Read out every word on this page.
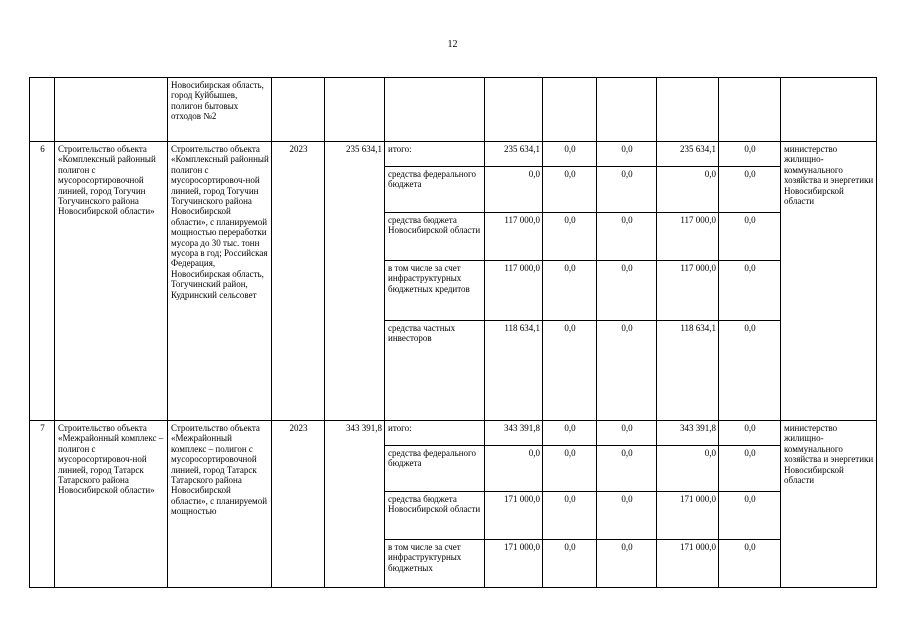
12
		Новосибирская область, город Куйбышев, полигон бытовых отходов №2									
6	Строительство объекта «Комплексный районный полигон с мусоросортировочной линией, город Тогучин Тогучинского района Новосибирской области»	Строительство объекта «Комплексный районный полигон с мусоросортировоч-ной линией, город Тогучин Тогучинского района Новосибирской области», с планируемой мощностью переработки мусора до 30 тыс. тонн мусора в год; Российская Федерация, Новосибирская область, Тогучинский район, Кудринский сельсовет	2023	235 634,1	итого:	235 634,1	0,0	0,0	235 634,1	0,0	министерство жилищно-коммунального хозяйства и энергетики Новосибирской области
					средства федерального бюджета	0,0	0,0	0,0	0,0	0,0	
					средства бюджета Новосибирской области	117 000,0	0,0	0,0	117 000,0	0,0	
					в том числе за счет инфраструктурных бюджетных кредитов	117 000,0	0,0	0,0	117 000,0	0,0	
					средства частных инвесторов	118 634,1	0,0	0,0	118 634,1	0,0	
7	Строительство объекта «Межрайонный комплекс – полигон с мусоросортировоч-ной линией, город Татарск Татарского района Новосибирской области»	Строительство объекта «Межрайонный комплекс – полигон с мусоросортировочной линией, город Татарск Татарского района Новосибирской области», с планируемой мощностью	2023	343 391,8	итого:	343 391,8	0,0	0,0	343 391,8	0,0	министерство жилищно-коммунального хозяйства и энергетики Новосибирской области
					средства федерального бюджета	0,0	0,0	0,0	0,0	0,0	
					средства бюджета Новосибирской области	171 000,0	0,0	0,0	171 000,0	0,0	
					в том числе за счет инфраструктурных бюджетных	171 000,0	0,0	0,0	171 000,0	0,0	
